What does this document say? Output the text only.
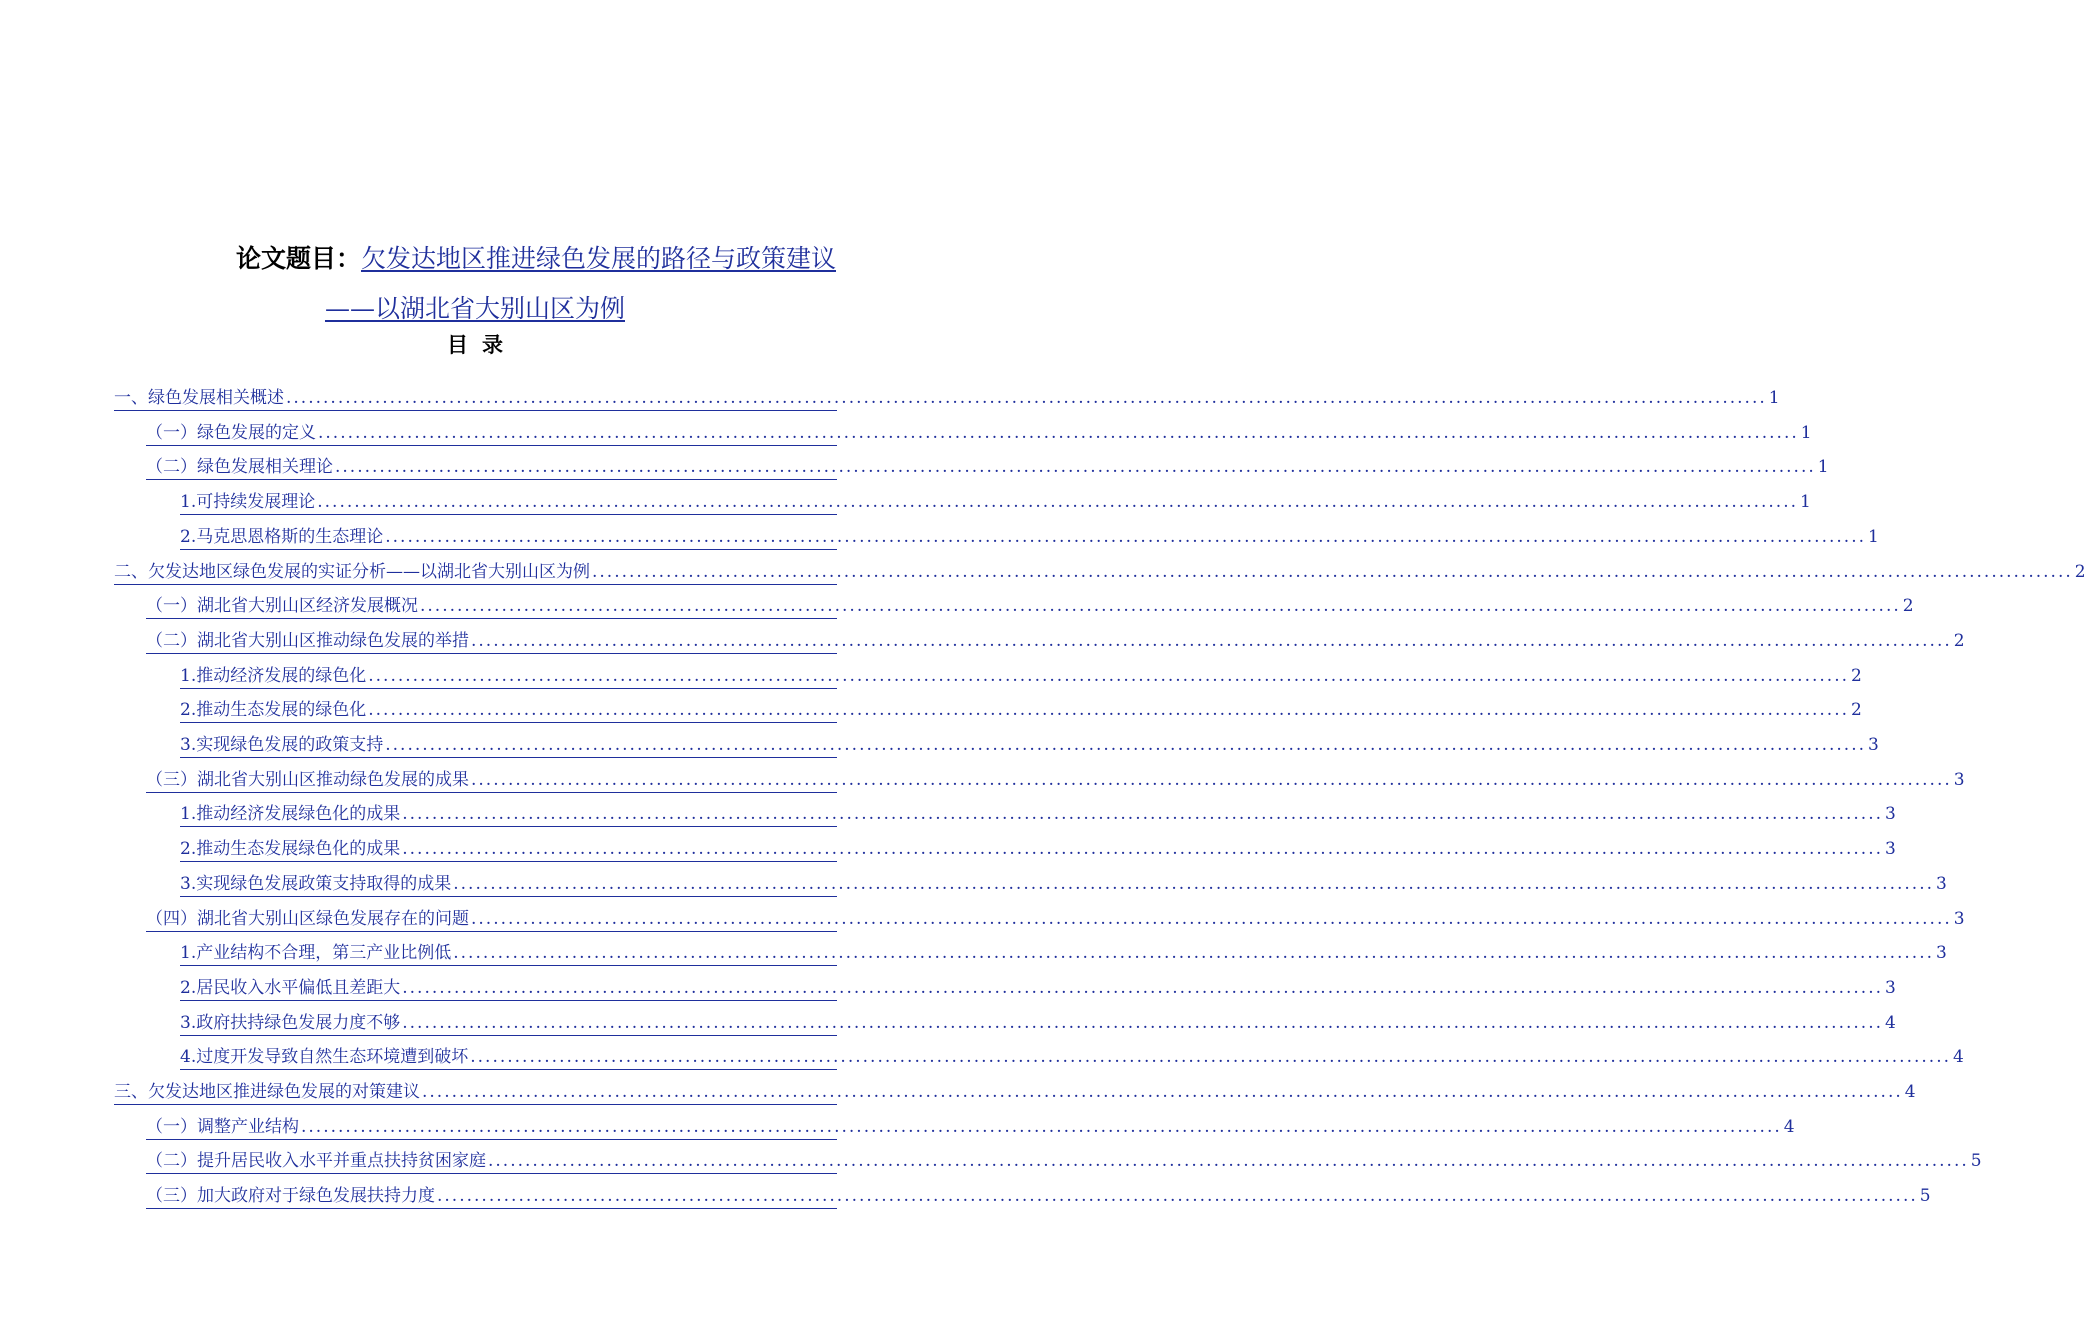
论文题目：欠发达地区推进绿色发展的路径与政策建议
——以湖北省大别山区为例
目录
一、绿色发展相关概述 ........................................................................................................................................................................................................ 1
（一）绿色发展的定义 ........................................................................................................................................................................................................ 1
（二）绿色发展相关理论 ........................................................................................................................................................................................................ 1
1.可持续发展理论 ........................................................................................................................................................................................................ 1
2.马克思恩格斯的生态理论 ........................................................................................................................................................................................................ 1
二、欠发达地区绿色发展的实证分析——以湖北省大别山区为例 ........................................................................................................................................................................................................ 2
（一）湖北省大别山区经济发展概况 ........................................................................................................................................................................................................ 2
（二）湖北省大别山区推动绿色发展的举措 ........................................................................................................................................................................................................ 2
1.推动经济发展的绿色化 ........................................................................................................................................................................................................ 2
2.推动生态发展的绿色化 ........................................................................................................................................................................................................ 2
3.实现绿色发展的政策支持 ........................................................................................................................................................................................................ 3
（三）湖北省大别山区推动绿色发展的成果 ........................................................................................................................................................................................................ 3
1.推动经济发展绿色化的成果 ........................................................................................................................................................................................................ 3
2.推动生态发展绿色化的成果 ........................................................................................................................................................................................................ 3
3.实现绿色发展政策支持取得的成果 ........................................................................................................................................................................................................ 3
（四）湖北省大别山区绿色发展存在的问题 ........................................................................................................................................................................................................ 3
1.产业结构不合理，第三产业比例低 ........................................................................................................................................................................................................ 3
2.居民收入水平偏低且差距大 ........................................................................................................................................................................................................ 3
3.政府扶持绿色发展力度不够 ........................................................................................................................................................................................................ 4
4.过度开发导致自然生态环境遭到破坏 ........................................................................................................................................................................................................ 4
三、欠发达地区推进绿色发展的对策建议 ........................................................................................................................................................................................................ 4
（一）调整产业结构 ........................................................................................................................................................................................................ 4
（二）提升居民收入水平并重点扶持贫困家庭 ........................................................................................................................................................................................................ 5
（三）加大政府对于绿色发展扶持力度 ........................................................................................................................................................................................................ 5
